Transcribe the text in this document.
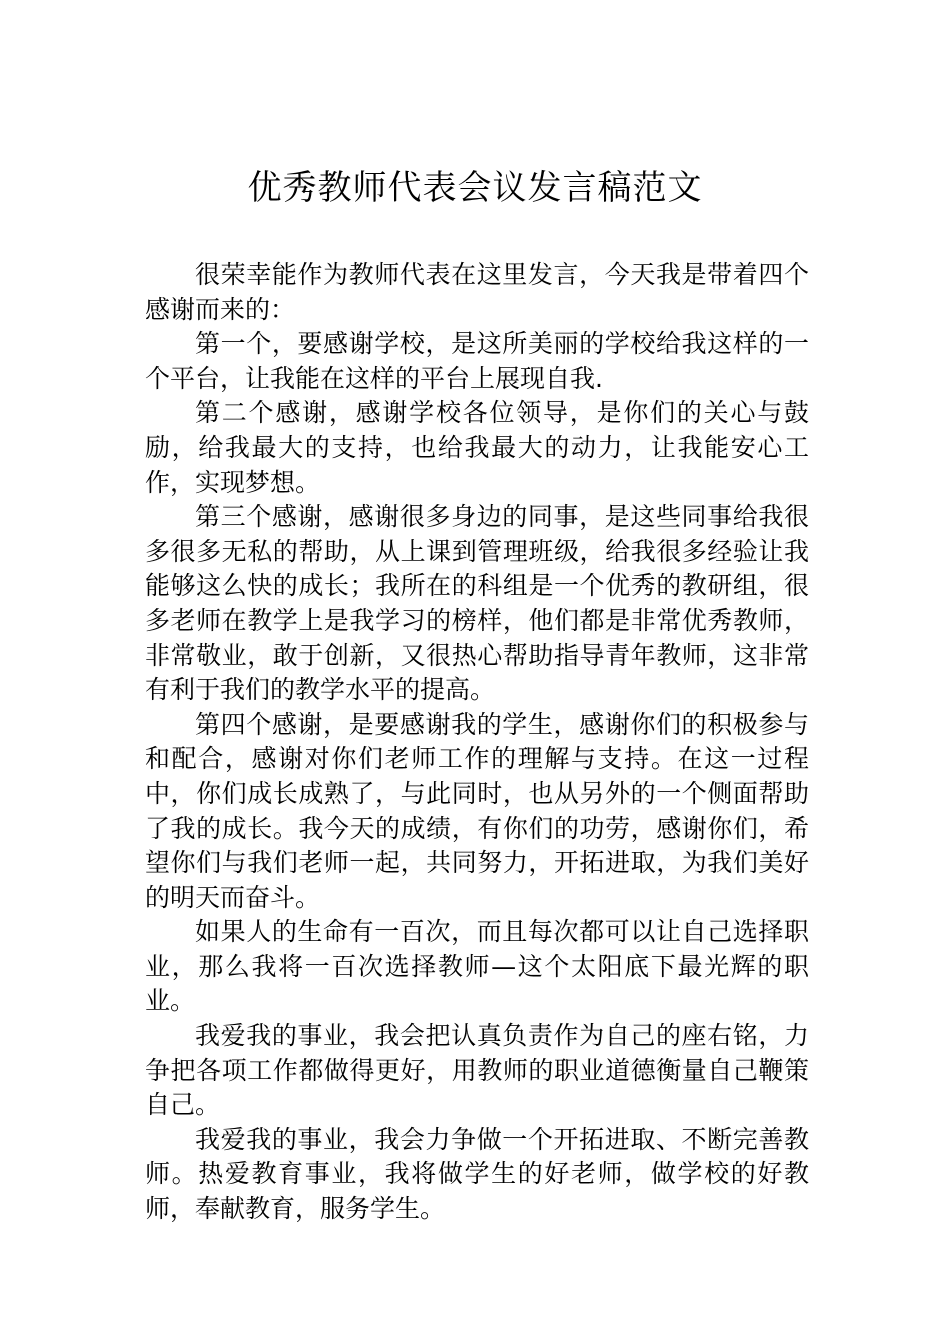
优秀教师代表会议发言稿范文

很荣幸能作为教师代表在这里发言，今天我是带着四个感谢而来的：

第一个，要感谢学校，是这所美丽的学校给我这样的一个平台，让我能在这样的平台上展现自我.

第二个感谢，感谢学校各位领导，是你们的关心与鼓励，给我最大的支持，也给我最大的动力，让我能安心工作，实现梦想。

第三个感谢，感谢很多身边的同事，是这些同事给我很多很多无私的帮助，从上课到管理班级，给我很多经验让我能够这么快的成长；我所在的科组是一个优秀的教研组，很多老师在教学上是我学习的榜样，他们都是非常优秀教师，非常敬业，敢于创新，又很热心帮助指导青年教师，这非常有利于我们的教学水平的提高。

第四个感谢，是要感谢我的学生，感谢你们的积极参与和配合，感谢对你们老师工作的理解与支持。在这一过程中，你们成长成熟了，与此同时，也从另外的一个侧面帮助了我的成长。我今天的成绩，有你们的功劳，感谢你们，希望你们与我们老师一起，共同努力，开拓进取，为我们美好的明天而奋斗。

如果人的生命有一百次，而且每次都可以让自己选择职业，那么我将一百次选择教师—这个太阳底下最光辉的职业。

我爱我的事业，我会把认真负责作为自己的座右铭，力争把各项工作都做得更好，用教师的职业道德衡量自己鞭策自己。

我爱我的事业，我会力争做一个开拓进取、不断完善教师。热爱教育事业，我将做学生的好老师，做学校的好教师，奉献教育，服务学生。
